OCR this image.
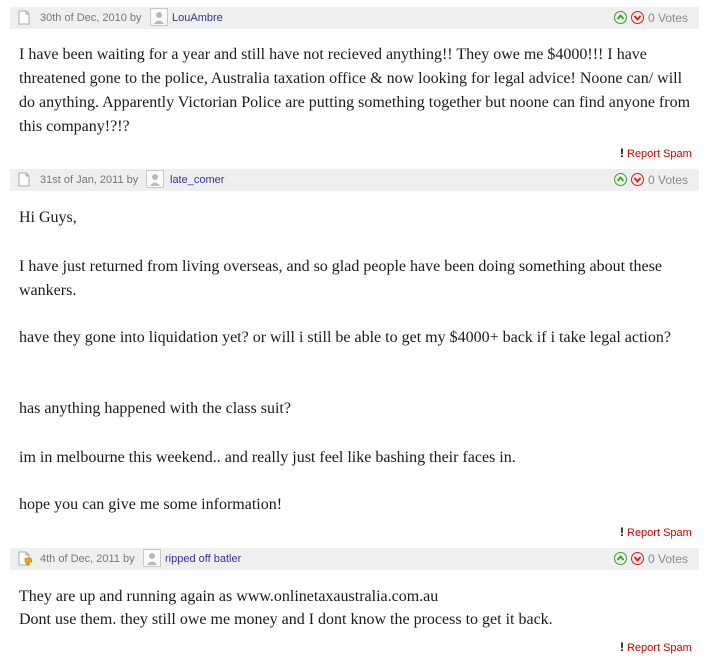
30th of Dec, 2010 by	LouAmbre	0 Votes

I have been waiting for a year and still have not recieved anything!! They owe me $4000!!! I have threatened gone to the police, Australia taxation office & now looking for legal advice! Noone can/ will do anything. Apparently Victorian Police are putting something together but noone can find anyone from this company!?!?

! Report Spam
31st of Jan, 2011 by	late_comer	0 Votes

Hi Guys,

I have just returned from living overseas, and so glad people have been doing something about these wankers.

have they gone into liquidation yet? or will i still be able to get my $4000+ back if i take legal action?

has anything happened with the class suit?

im in melbourne this weekend.. and really just feel like bashing their faces in.

hope you can give me some information!

! Report Spam
4th of Dec, 2011 by	ripped off batler	0 Votes

They are up and running again as www.onlinetaxaustralia.com.au

Dont use them. they still owe me money and I dont know the process to get it back.

! Report Spam
